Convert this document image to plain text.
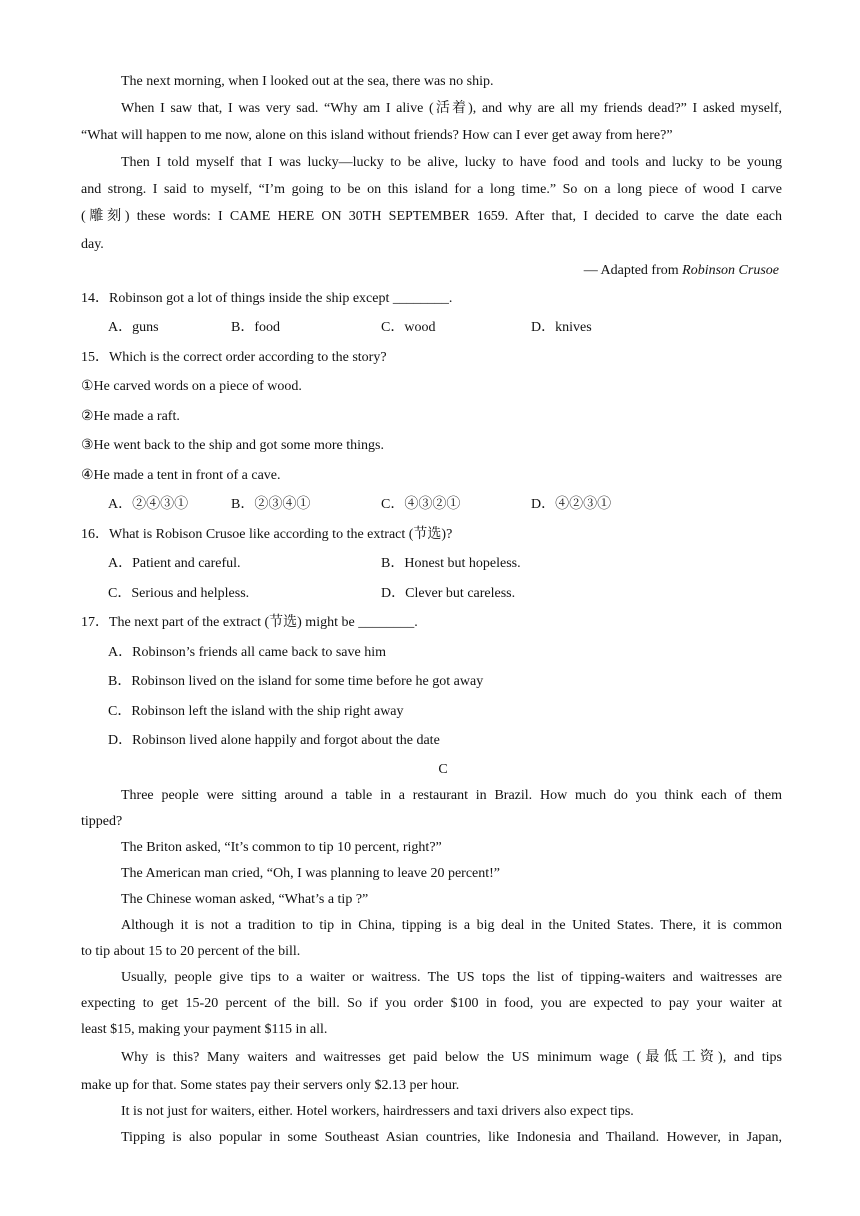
The next morning, when I looked out at the sea, there was no ship.
When I saw that, I was very sad. “Why am I alive (活着), and why are all my friends dead?” I asked myself,
“What will happen to me now, alone on this island without friends? How can I ever get away from here?”
Then I told myself that I was lucky—lucky to be alive, lucky to have food and tools and lucky to be young
and strong. I said to myself, “I’m going to be on this island for a long time.” So on a long piece of wood I carve
(雕刻) these words: I CAME HERE ON 30TH SEPTEMBER 1659. After that, I decided to carve the date each
day.
— Adapted from Robinson Crusoe
14．Robinson got a lot of things inside the ship except ________.
A．guns	B．food	C．wood	D．knives
15．Which is the correct order according to the story?
①He carved words on a piece of wood.
②He made a raft.
③He went back to the ship and got some more things.
④He made a tent in front of a cave.
A．②④③①	B．②③④①	C．④③②①	D．④②③①
16．What is Robison Crusoe like according to the extract (节选)?
A．Patient and careful.	B．Honest but hopeless.
C．Serious and helpless.	D．Clever but careless.
17．The next part of the extract (节选) might be ________.
A．Robinson’s friends all came back to save him
B．Robinson lived on the island for some time before he got away
C．Robinson left the island with the ship right away
D．Robinson lived alone happily and forgot about the date
C
Three people were sitting around a table in a restaurant in Brazil. How much do you think each of them
tipped?
The Briton asked, “It’s common to tip 10 percent, right?”
The American man cried, “Oh, I was planning to leave 20 percent!”
The Chinese woman asked, “What’s a tip ?”
Although it is not a tradition to tip in China, tipping is a big deal in the United States. There, it is common
to tip about 15 to 20 percent of the bill.
Usually, people give tips to a waiter or waitress. The US tops the list of tipping-waiters and waitresses are
expecting to get 15-20 percent of the bill. So if you order $100 in food, you are expected to pay your waiter at
least $15, making your payment $115 in all.
Why is this? Many waiters and waitresses get paid below the US minimum wage (最低工资), and tips
make up for that. Some states pay their servers only $2.13 per hour.
It is not just for waiters, either. Hotel workers, hairdressers and taxi drivers also expect tips.
Tipping is also popular in some Southeast Asian countries, like Indonesia and Thailand. However, in Japan,
